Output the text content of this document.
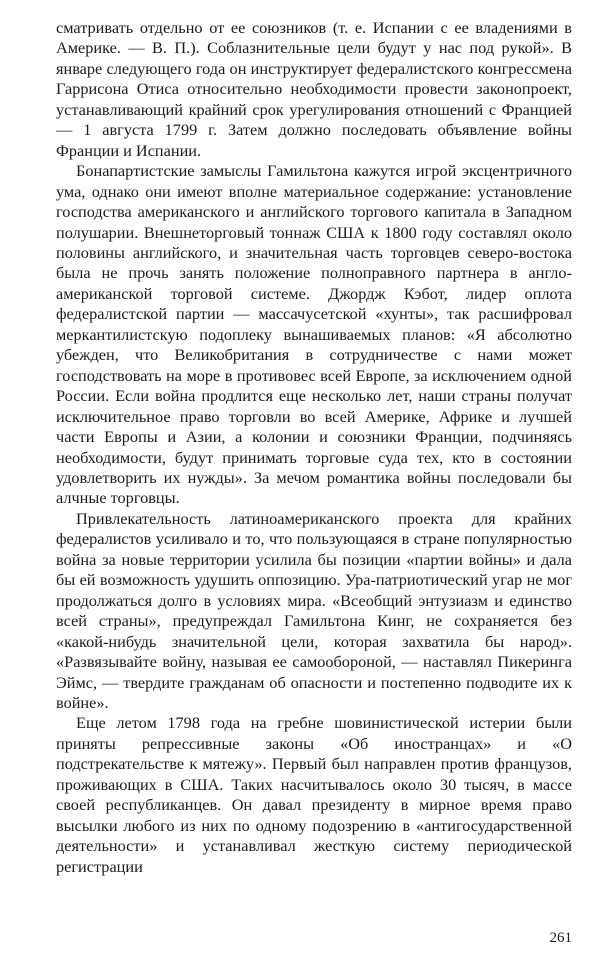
сматривать отдельно от ее союзников (т. е. Испании с ее владениями в Америке. — В. П.). Соблазнительные цели будут у нас под рукой». В январе следующего года он инструктирует федералистского конгрессмена Гаррисона Отиса относительно необходимости провести законопроект, устанавливающий крайний срок урегулирования отношений с Францией — 1 августа 1799 г. Затем должно последовать объявление войны Франции и Испании.

Бонапартистские замыслы Гамильтона кажутся игрой эксцентричного ума, однако они имеют вполне материальное содержание: установление господства американского и английского торгового капитала в Западном полушарии. Внешнеторговый тоннаж США к 1800 году составлял около половины английского, и значительная часть торговцев северо-востока была не прочь занять положение полноправного партнера в англо-американской торговой системе. Джордж Кэбот, лидер оплота федералистской партии — массачусетской «хунты», так расшифровал меркантилистскую подоплеку вынашиваемых планов: «Я абсолютно убежден, что Великобритания в сотрудничестве с нами может господствовать на море в противовес всей Европе, за исключением одной России. Если война продлится еще несколько лет, наши страны получат исключительное право торговли во всей Америке, Африке и лучшей части Европы и Азии, а колонии и союзники Франции, подчиняясь необходимости, будут принимать торговые суда тех, кто в состоянии удовлетворить их нужды». За мечом романтика войны последовали бы алчные торговцы.

Привлекательность латиноамериканского проекта для крайних федералистов усиливало и то, что пользующаяся в стране популярностью война за новые территории усилила бы позиции «партии войны» и дала бы ей возможность удушить оппозицию. Ура-патриотический угар не мог продолжаться долго в условиях мира. «Всеобщий энтузиазм и единство всей страны», предупреждал Гамильтона Кинг, не сохраняется без «какой-нибудь значительной цели, которая захватила бы народ». «Развязывайте войну, называя ее самообороной, — наставлял Пикеринга Эймс, — твердите гражданам об опасности и постепенно подводите их к войне».

Еще летом 1798 года на гребне шовинистической истерии были приняты репрессивные законы «Об иностранцах» и «О подстрекательстве к мятежу». Первый был направлен против французов, проживающих в США. Таких насчитывалось около 30 тысяч, в массе своей республиканцев. Он давал президенту в мирное время право высылки любого из них по одному подозрению в «антигосударственной деятельности» и устанавливал жесткую систему периодической регистрации

261
